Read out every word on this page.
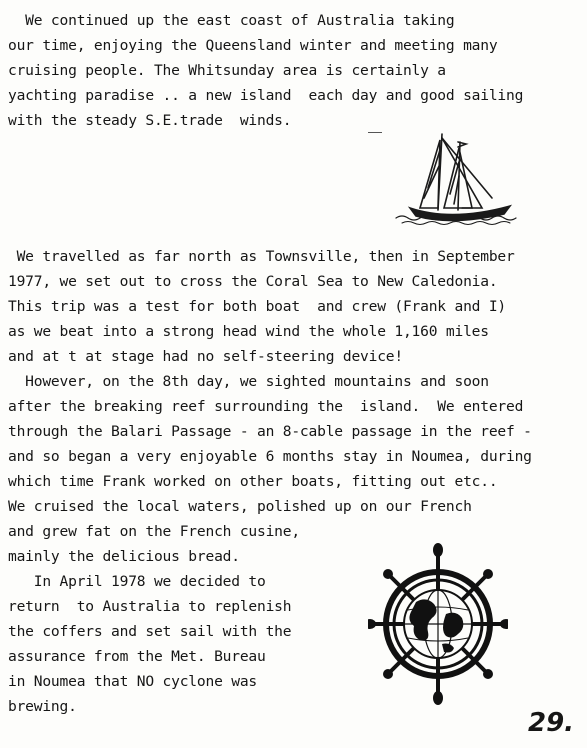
We continued up the east coast of Australia taking
our time, enjoying the Queensland winter and meeting many
cruising people. The Whitsunday area is certainly a
yachting paradise .. a new island  each day and good sailing
with the steady S.E.trade  winds.
We travelled as far north as Townsville, then in September
1977, we set out to cross the Coral Sea to New Caledonia.
This trip was a test for both boat  and crew (Frank and I)
as we beat into a strong head wind the whole 1,160 miles
and at t at stage had no self-steering device!
However, on the 8th day, we sighted mountains and soon
after the breaking reef surrounding the  island.  We entered
through the Balari Passage - an 8-cable passage in the reef -
and so began a very enjoyable 6 months stay in Noumea, during
which time Frank worked on other boats, fitting out etc..
We cruised the local waters, polished up on our French
and grew fat on the French cusine,
mainly the delicious bread.
In April 1978 we decided to
return  to Australia to replenish
the coffers and set sail with the
assurance from the Met. Bureau
in Noumea that NO cyclone was
brewing.
29.
